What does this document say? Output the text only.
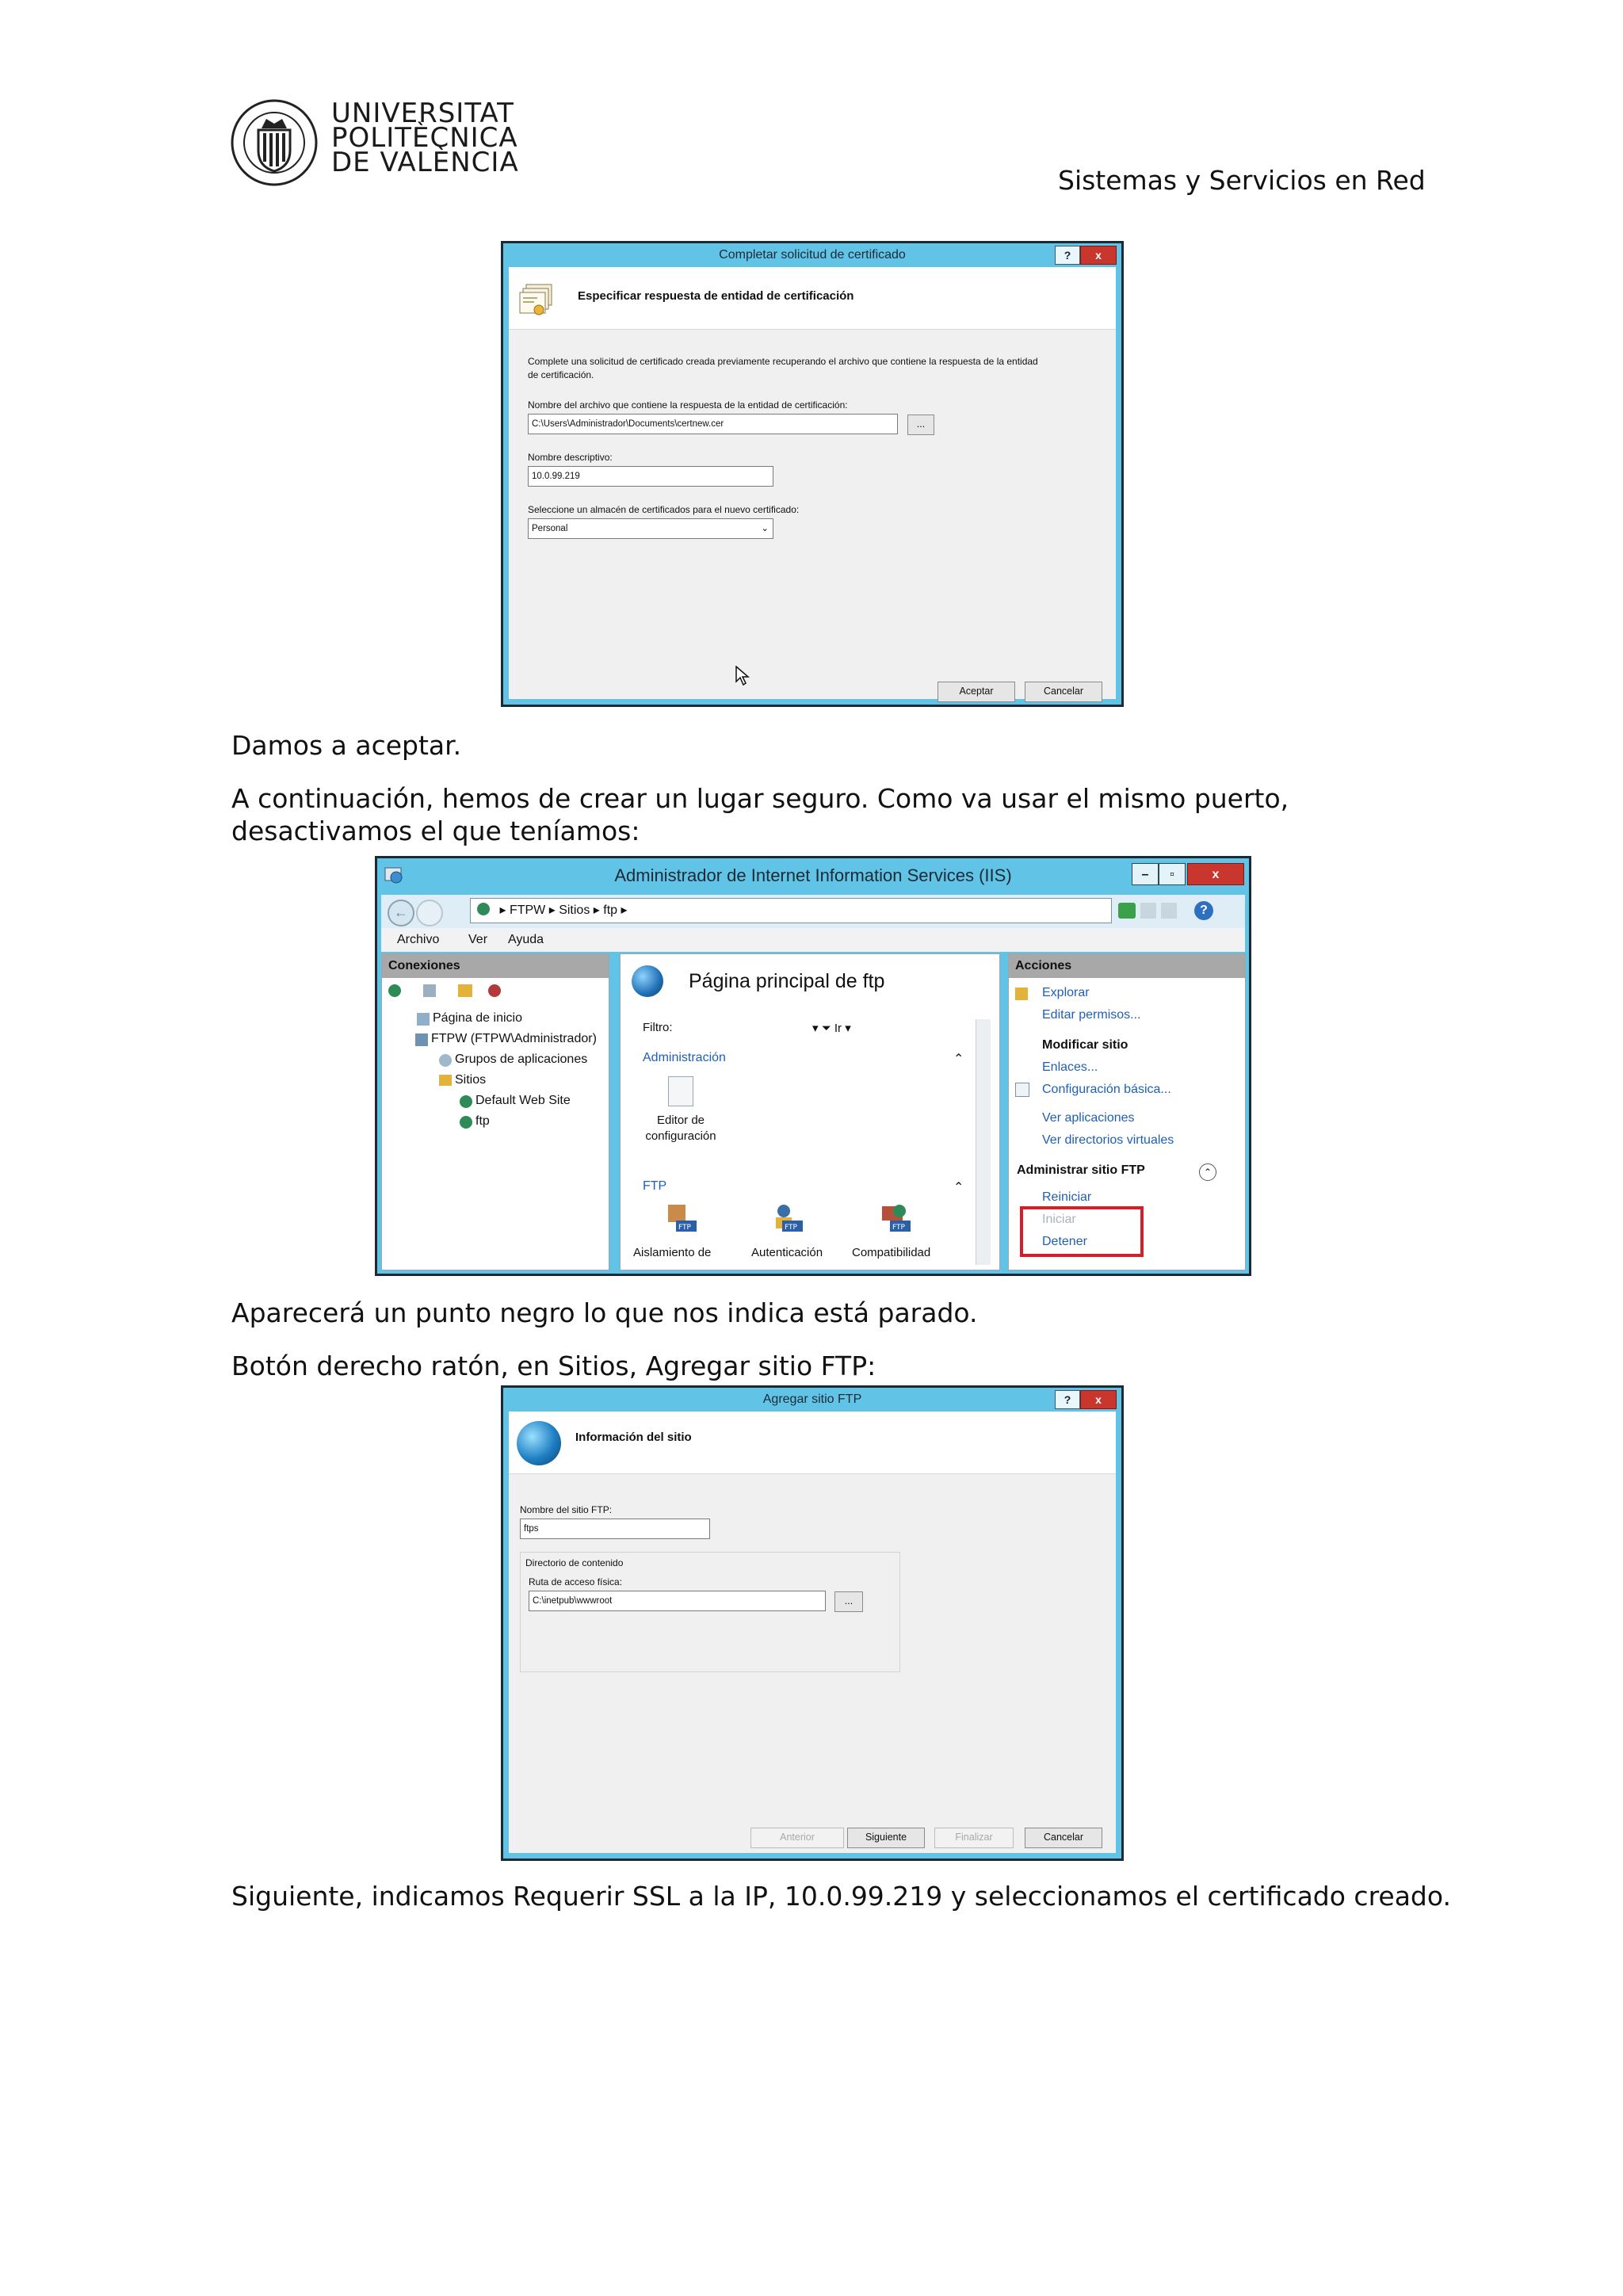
UNIVERSITAT
POLITÈCNICA
DE VALÈNCIA
Sistemas y Servicios en Red
Completar solicitud de certificado	?	x
Especificar respuesta de entidad de certificación
Complete una solicitud de certificado creada previamente recuperando el archivo que contiene la respuesta de la entidad de certificación.
Nombre del archivo que contiene la respuesta de la entidad de certificación:
C:\Users\Administrador\Documents\certnew.cer	...
Nombre descriptivo:
10.0.99.219
Seleccione un almacén de certificados para el nuevo certificado:
Personal	⌄
Aceptar	Cancelar
Damos a aceptar.
A continuación, hemos de crear un lugar seguro. Como va usar el mismo puerto, desactivamos el que teníamos:
Administrador de Internet Information Services (IIS)	–	▫	x
←	▸ FTPW ▸ Sitios ▸ ftp ▸	?
Archivo Ver Ayuda
Conexiones
Página de inicio
FTPW (FTPW\Administrador)
Grupos de aplicaciones
Sitios
Default Web Site
ftp
Página principal de ftp
Filtro:	▾ ⏷ Ir ▾
Administración	⌃
Editor de
configuración
FTP	⌃
FTP	FTP	FTP
Aislamiento de	Autenticación Compatibilidad
Acciones
Explorar
Editar permisos...
Modificar sitio
Enlaces...
Configuración básica...
Ver aplicaciones
Ver directorios virtuales
Administrar sitio FTP	⌃
Reiniciar
Iniciar
Detener
Aparecerá un punto negro lo que nos indica está parado.
Botón derecho ratón, en Sitios, Agregar sitio FTP:
Agregar sitio FTP	?	x
Información del sitio
Nombre del sitio FTP:
ftps
Directorio de contenido
Ruta de acceso física:
C:\inetpub\wwwroot	...
Anterior	Siguiente	Finalizar	Cancelar
Siguiente, indicamos Requerir SSL a la IP, 10.0.99.219 y seleccionamos el certificado creado.
